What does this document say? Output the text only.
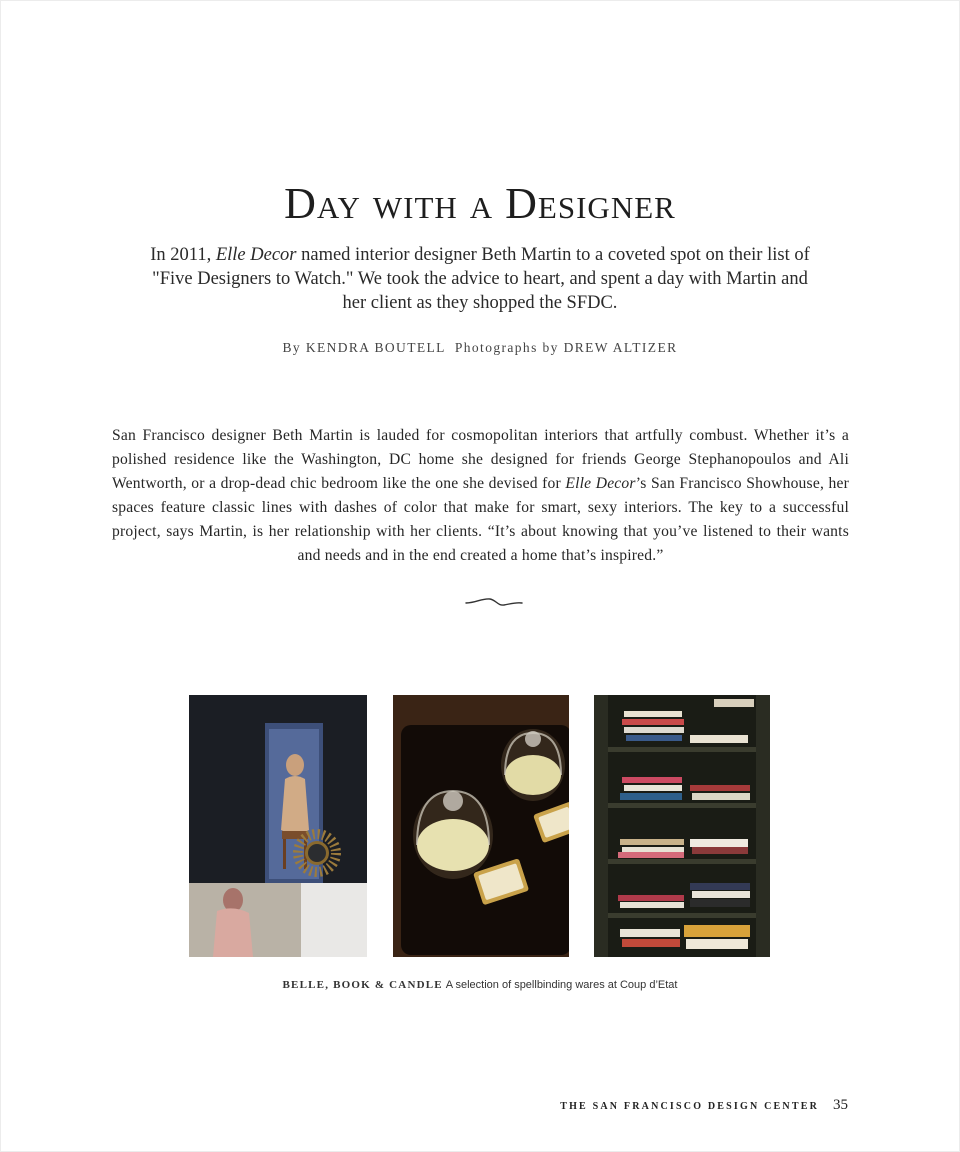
Day with a Designer
In 2011, Elle Decor named interior designer Beth Martin to a coveted spot on their list of "Five Designers to Watch." We took the advice to heart, and spent a day with Martin and her client as they shopped the SFDC.
By KENDRA BOUTELL  Photographs by DREW ALTIZER
San Francisco designer Beth Martin is lauded for cosmopolitan interiors that artfully combust. Whether it’s a polished residence like the Washington, DC home she designed for friends George Stephanopoulos and Ali Wentworth, or a drop-dead chic bedroom like the one she devised for Elle Decor’s San Francisco Showhouse, her spaces feature classic lines with dashes of color that make for smart, sexy interiors. The key to a successful project, says Martin, is her relationship with her clients. “It’s about knowing that you’ve listened to their wants and needs and in the end created a home that’s inspired.”
BELLE, BOOK & CANDLE A selection of spellbinding wares at Coup d’Etat
THE SAN FRANCISCO DESIGN CENTER 35
